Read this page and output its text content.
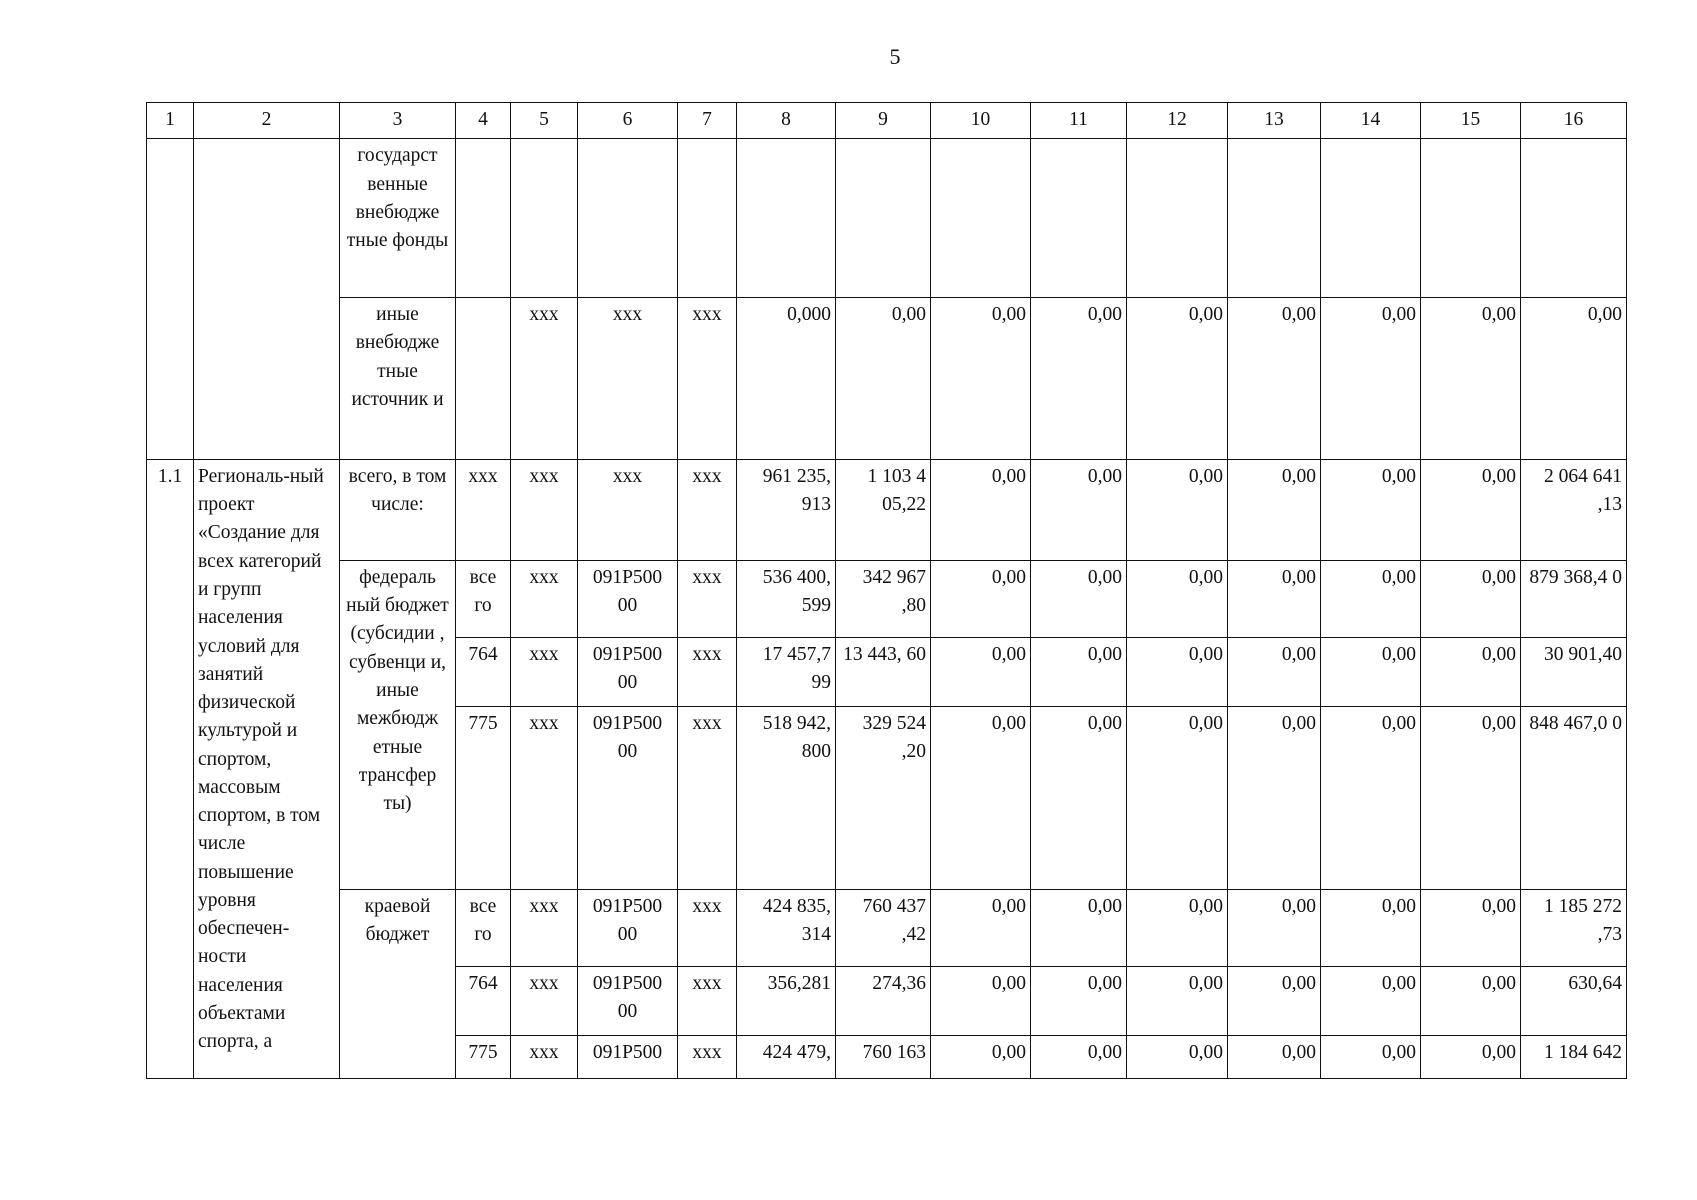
5
1	2	3	4	5	6	7	8	9	10	11	12	13	14	15	16
		государст венные внебюдже тные фонды													
		иные внебюдже тные источник и		xxx	xxx	xxx	0,000	0,00	0,00	0,00	0,00	0,00	0,00	0,00	0,00
1.1	Региональ-ный проект «Создание для всех категорий и групп населения условий для занятий физической культурой и спортом, массовым спортом, в том числе повышение уровня обеспечен-ности населения объектами спорта, а	всего, в том числе:	xxx	xxx	xxx	xxx	961 235, 913	1 103 4 05,22	0,00	0,00	0,00	0,00	0,00	0,00	2 064 641 ,13
		федераль ный бюджет (субсидии , субвенци и, иные межбюдж етные трансфер ты)	все го	xxx	091P500 00	xxx	536 400, 599	342 967 ,80	0,00	0,00	0,00	0,00	0,00	0,00	879 368,4 0
			764	xxx	091P500 00	xxx	17 457,7 99	13 443, 60	0,00	0,00	0,00	0,00	0,00	0,00	30 901,40
			775	xxx	091P500 00	xxx	518 942, 800	329 524 ,20	0,00	0,00	0,00	0,00	0,00	0,00	848 467,0 0
		краевой бюджет	все го	xxx	091P500 00	xxx	424 835, 314	760 437 ,42	0,00	0,00	0,00	0,00	0,00	0,00	1 185 272 ,73
			764	xxx	091P500 00	xxx	356,281	274,36	0,00	0,00	0,00	0,00	0,00	0,00	630,64
			775	xxx	091P500	xxx	424 479,	760 163	0,00	0,00	0,00	0,00	0,00	0,00	1 184 642
